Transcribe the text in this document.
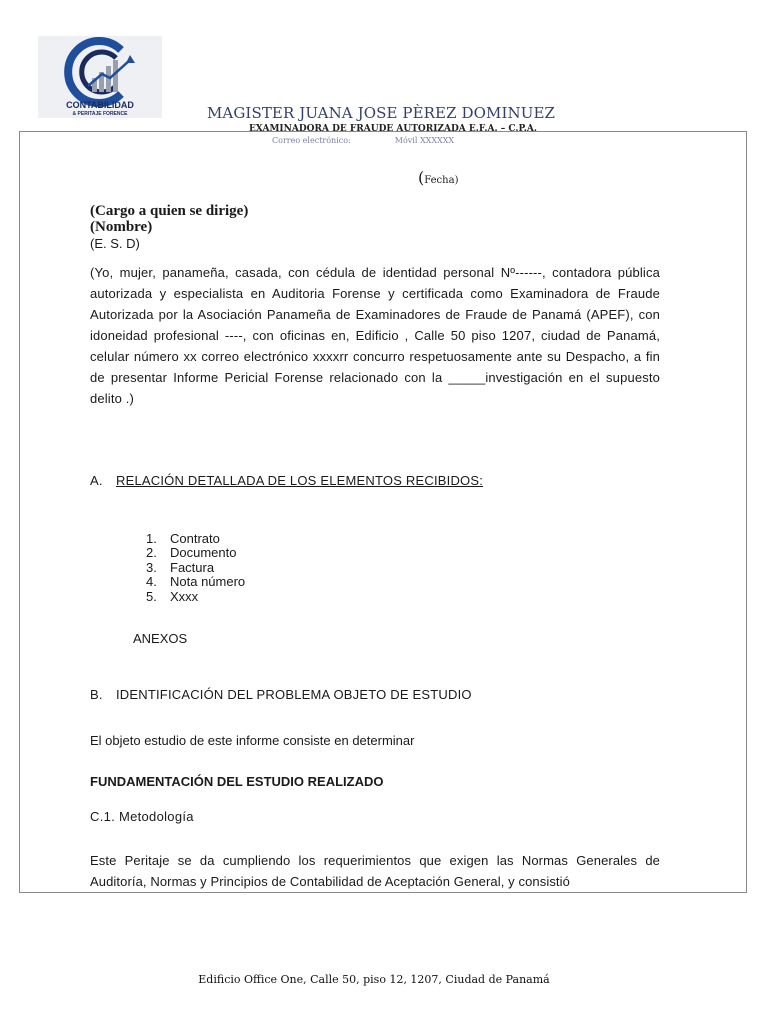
CONTABILIDAD
& PERITAJE FORENCE	MAGISTER JUANA JOSE PÈREZ DOMINUEZ
EXAMINADORA DE FRAUDE AUTORIZADA E.F.A. – C.P.A.
Correo electrónico:	Móvil XXXXXX
(Fecha)
(Cargo a quien se dirige)
(Nombre)
(E. S. D)
(Yo, mujer, panameña, casada, con cédula de identidad personal Nº------, contadora pública autorizada y especialista en Auditoria Forense y certificada como Examinadora de Fraude Autorizada por la Asociación Panameña de Examinadores de Fraude de Panamá (APEF), con idoneidad profesional ----, con oficinas en, Edificio , Calle 50 piso 1207, ciudad de Panamá, celular número xx correo electrónico xxxxrr concurro respetuosamente ante su Despacho, a fin de presentar Informe Pericial Forense relacionado con la _____investigación en el supuesto delito .)
A. RELACIÓN DETALLADA DE LOS ELEMENTOS RECIBIDOS:
1. Contrato
2. Documento
3. Factura
4. Nota número
5. Xxxx
ANEXOS
B. IDENTIFICACIÓN DEL PROBLEMA OBJETO DE ESTUDIO
El objeto estudio de este informe consiste en determinar
FUNDAMENTACIÓN DEL ESTUDIO REALIZADO
C.1. Metodología
Este Peritaje se da cumpliendo los requerimientos que exigen las Normas Generales de Auditoría, Normas y Principios de Contabilidad de Aceptación General, y consistió
Edificio Office One, Calle 50, piso 12, 1207, Ciudad de Panamá
